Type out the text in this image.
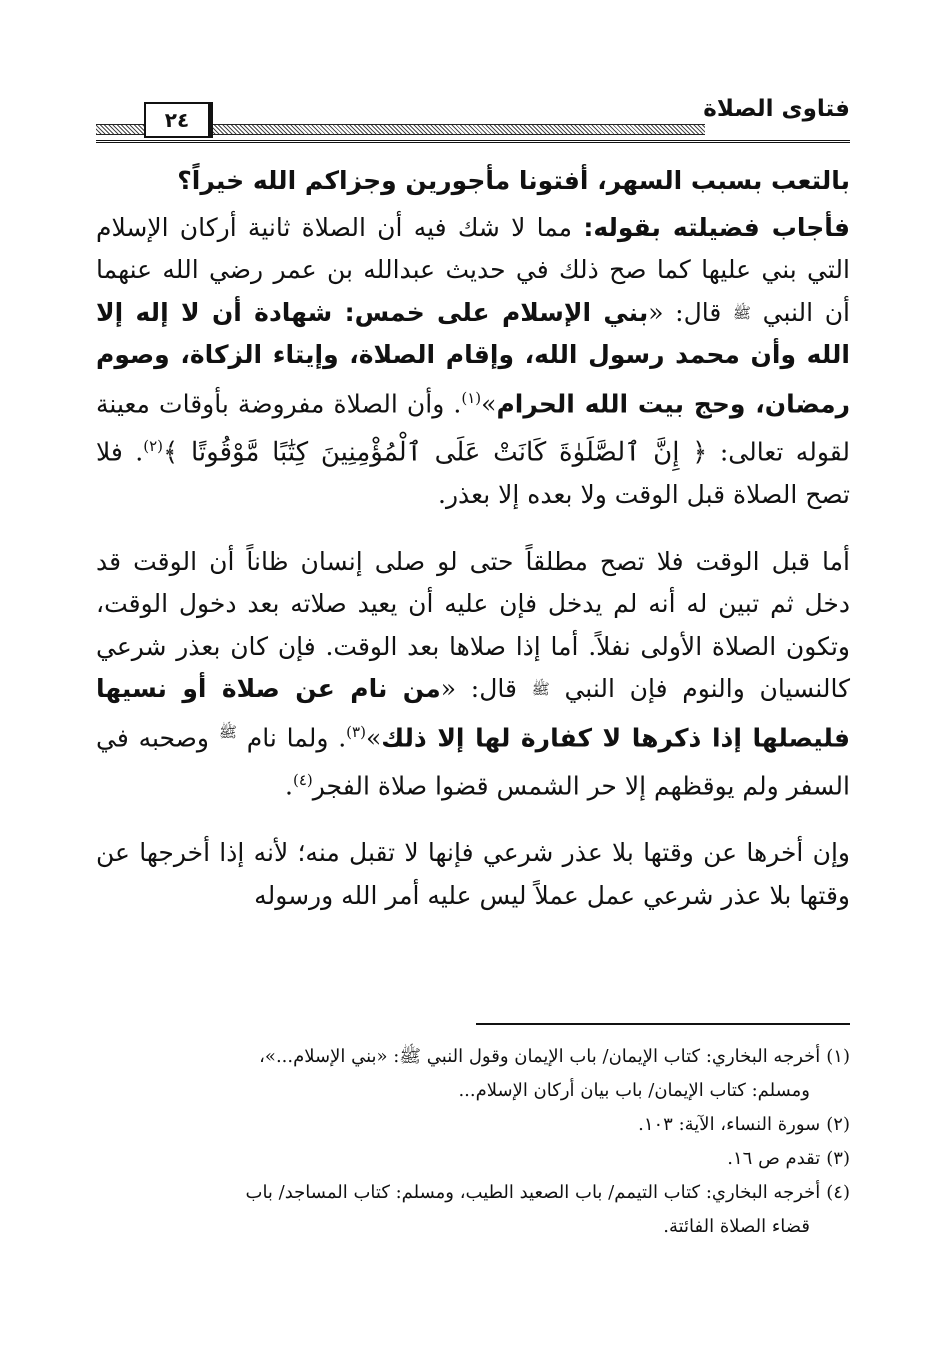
فتاوى الصلاة
٢٤

بالتعب بسبب السهر، أفتونا مأجورين وجزاكم الله خيراً؟

فأجاب فضيلته بقوله: مما لا شك فيه أن الصلاة ثانية أركان الإسلام التي بني عليها كما صح ذلك في حديث عبدالله بن عمر رضي الله عنهما أن النبي $^ﷺ$ قال: «بني الإسلام على خمس: شهادة أن لا إله إلا الله وأن محمد رسول الله، وإقام الصلاة، وإيتاء الزكاة، وصوم رمضان، وحج بيت الله الحرام»$^{(١)}$. وأن الصلاة مفروضة بأوقات معينة لقوله تعالى: ﴿ إِنَّ ٱلصَّلَوٰةَ كَانَتْ عَلَى ٱلْمُؤْمِنِينَ كِتَٰبًا مَّوْقُوتًا ﴾$^{(٢)}$. فلا تصح الصلاة قبل الوقت ولا بعده إلا بعذر.

أما قبل الوقت فلا تصح مطلقاً حتى لو صلى إنسان ظاناً أن الوقت قد دخل ثم تبين له أنه لم يدخل فإن عليه أن يعيد صلاته بعد دخول الوقت، وتكون الصلاة الأولى نفلاً. أما إذا صلاها بعد الوقت. فإن كان بعذر شرعي كالنسيان والنوم فإن النبي $^ﷺ$ قال: «من نام عن صلاة أو نسيها فليصلها إذا ذكرها لا كفارة لها إلا ذلك»$^{(٣)}$. ولما نام $^ﷺ$ وصحبه في السفر ولم يوقظهم إلا حر الشمس قضوا صلاة الفجر$^{(٤)}$.

وإن أخرها عن وقتها بلا عذر شرعي فإنها لا تقبل منه؛ لأنه إذا أخرجها عن وقتها بلا عذر شرعي عمل عملاً ليس عليه أمر الله ورسوله

(١)أخرجه البخاري: كتاب الإيمان/ باب الإيمان وقول النبي ﷺ: «بني الإسلام...»،

ومسلم: كتاب الإيمان/ باب بيان أركان الإسلام...

(٢)سورة النساء، الآية: ١٠٣.

(٣)تقدم ص ١٦.

(٤)أخرجه البخاري: كتاب التيمم/ باب الصعيد الطيب، ومسلم: كتاب المساجد/ باب

قضاء الصلاة الفائتة.
